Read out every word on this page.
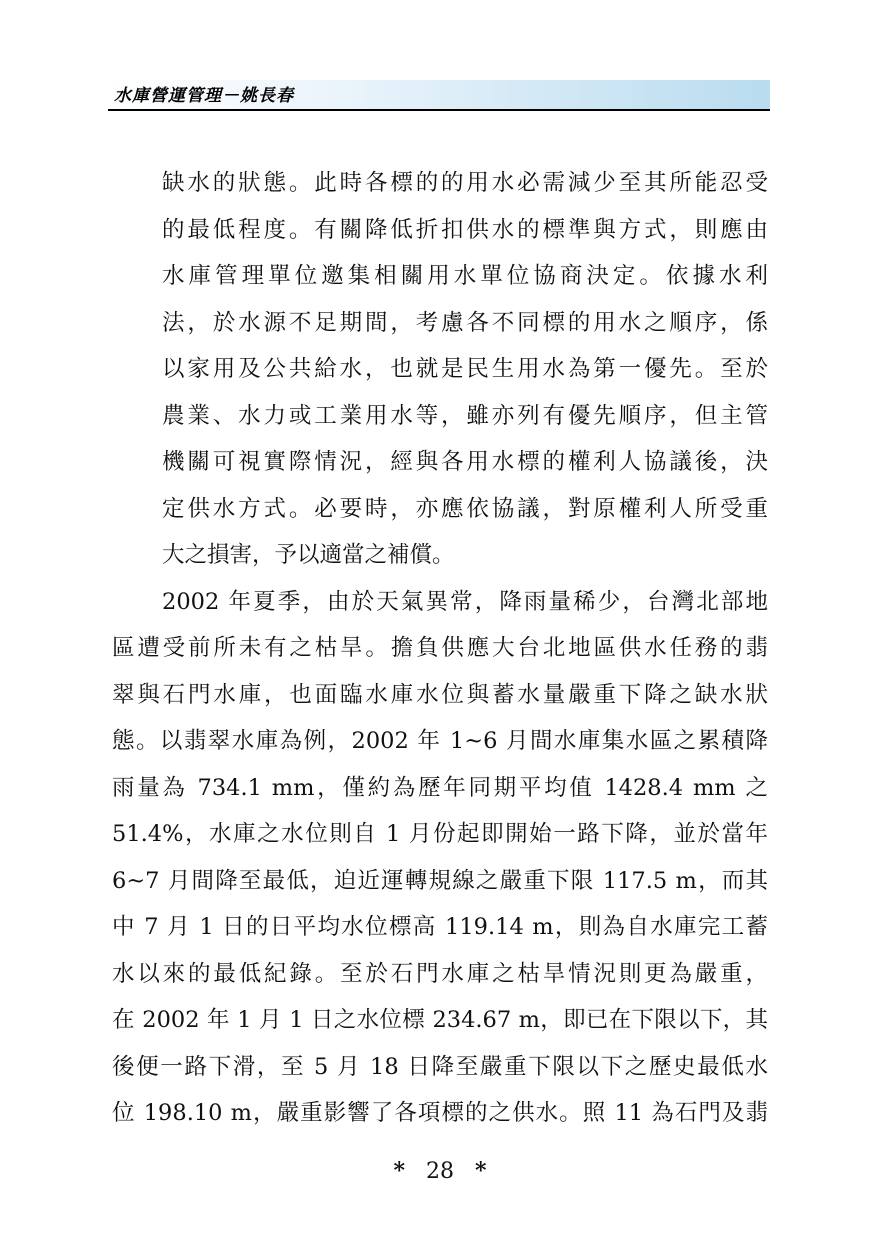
水庫營運管理－姚長春
缺水的狀態。此時各標的的用水必需減少至其所能忍受
的最低程度。有關降低折扣供水的標準與方式，則應由
水庫管理單位邀集相關用水單位協商決定。依據水利
法，於水源不足期間，考慮各不同標的用水之順序，係
以家用及公共給水，也就是民生用水為第一優先。至於
農業、水力或工業用水等，雖亦列有優先順序，但主管
機關可視實際情況，經與各用水標的權利人協議後，決
定供水方式。必要時，亦應依協議，對原權利人所受重
大之損害，予以適當之補償。
2002 年夏季，由於天氣異常，降雨量稀少，台灣北部地
區遭受前所未有之枯旱。擔負供應大台北地區供水任務的翡
翠與石門水庫，也面臨水庫水位與蓄水量嚴重下降之缺水狀
態。以翡翠水庫為例，2002 年 1~6 月間水庫集水區之累積降
雨量為 734.1 mm，僅約為歷年同期平均值 1428.4 mm 之
51.4%，水庫之水位則自 1 月份起即開始一路下降，並於當年
6~7 月間降至最低，迫近運轉規線之嚴重下限 117.5 m，而其
中 7 月 1 日的日平均水位標高 119.14 m，則為自水庫完工蓄
水以來的最低紀錄。至於石門水庫之枯旱情況則更為嚴重，
在 2002 年 1 月 1 日之水位標 234.67 m，即已在下限以下，其
後便一路下滑，至 5 月 18 日降至嚴重下限以下之歷史最低水
位 198.10 m，嚴重影響了各項標的之供水。照 11 為石門及翡
* 28 *
